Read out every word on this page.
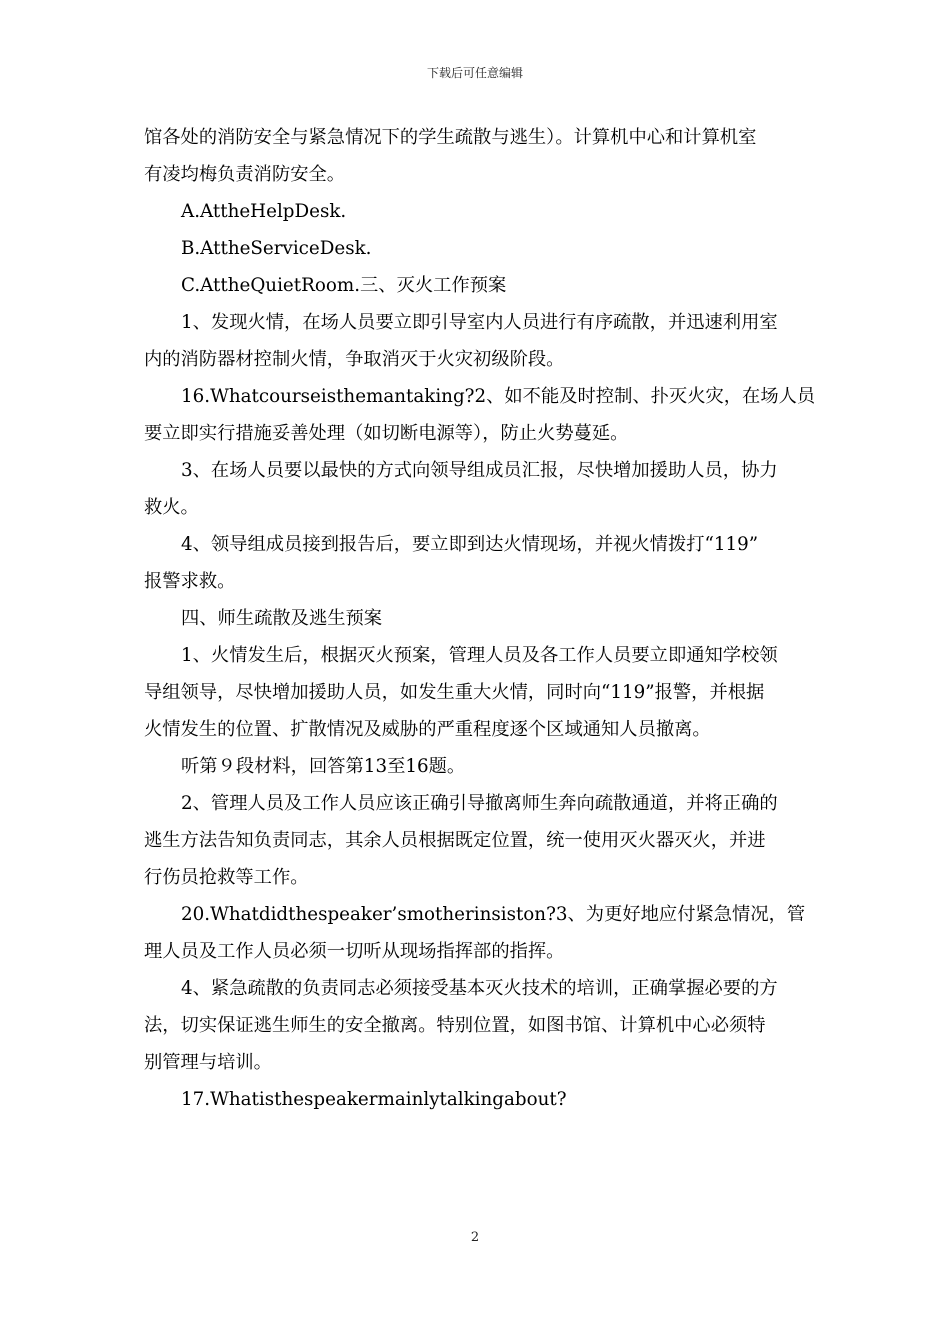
下载后可任意编辑
馆各处的消防安全与紧急情况下的学生疏散与逃生）。计算机中心和计算机室
有凌均梅负责消防安全。
A.AttheHelpDesk.
B.AttheServiceDesk.
C.AttheQuietRoom.三、灭火工作预案
1、发现火情，在场人员要立即引导室内人员进行有序疏散，并迅速利用室
内的消防器材控制火情，争取消灭于火灾初级阶段。
16.Whatcourseisthemantaking?2、如不能及时控制、扑灭火灾，在场人员
要立即实行措施妥善处理（如切断电源等），防止火势蔓延。
3、在场人员要以最快的方式向领导组成员汇报，尽快增加援助人员，协力
救火。
4、领导组成员接到报告后，要立即到达火情现场，并视火情拨打“119”
报警求救。
四、师生疏散及逃生预案
1、火情发生后，根据灭火预案，管理人员及各工作人员要立即通知学校领
导组领导，尽快增加援助人员，如发生重大火情，同时向“119”报警，并根据
火情发生的位置、扩散情况及威胁的严重程度逐个区域通知人员撤离。
听第９段材料，回答第13至16题。
2、管理人员及工作人员应该正确引导撤离师生奔向疏散通道，并将正确的
逃生方法告知负责同志，其余人员根据既定位置，统一使用灭火器灭火，并进
行伤员抢救等工作。
20.Whatdidthespeaker’smotherinsiston?3、为更好地应付紧急情况，管
理人员及工作人员必须一切听从现场指挥部的指挥。
4、紧急疏散的负责同志必须接受基本灭火技术的培训，正确掌握必要的方
法，切实保证逃生师生的安全撤离。特别位置，如图书馆、计算机中心必须特
别管理与培训。
17.Whatisthespeakermainlytalkingabout?
2
